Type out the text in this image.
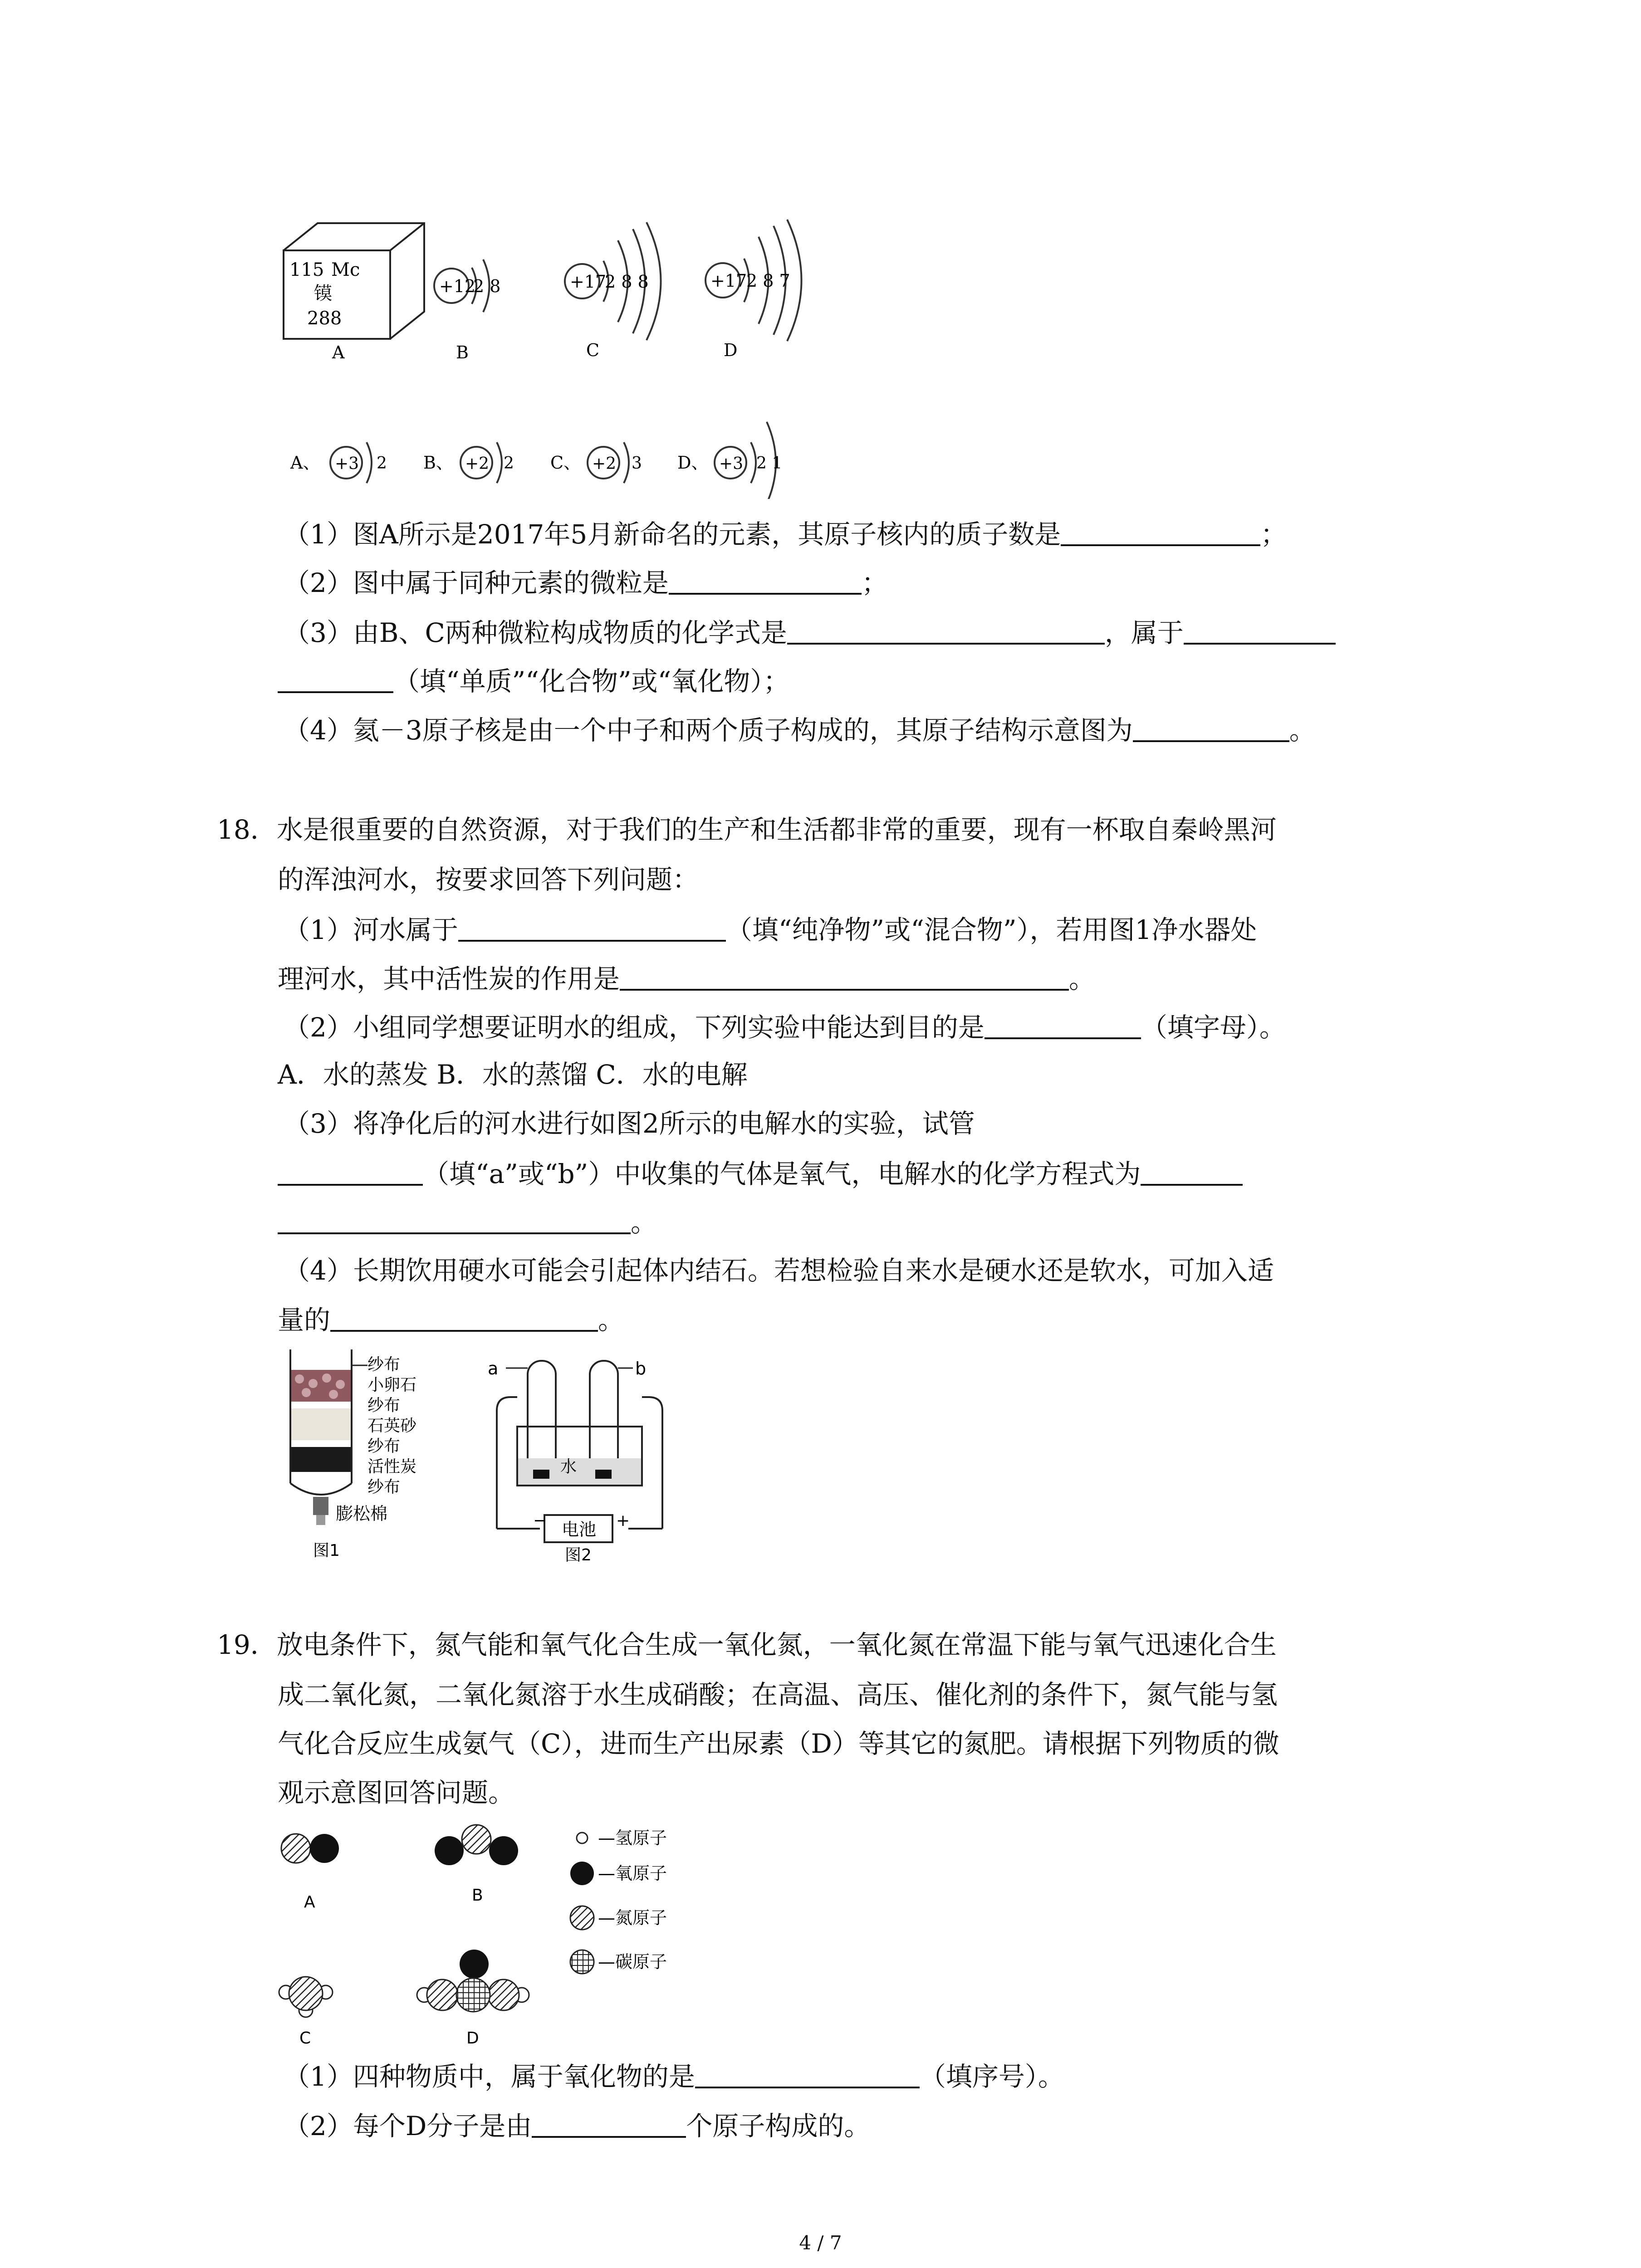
115 Mc
镆
288
A
+12
2 8
B
+17
2 8 8
C
+17
2 8 7
D
A、 +3 2 B、 +2 2 C、 +2 3 D、 +3 2 1
（1）图A所示是2017年5月新命名的元素，其原子核内的质子数是	；
（2）图中属于同种元素的微粒是	；
（3）由B、C两种微粒构成物质的化学式是	，属于
（填“单质”“化合物”或“氧化物）；
（4）氦－3原子核是由一个中子和两个质子构成的，其原子结构示意图为	。
18．水是很重要的自然资源，对于我们的生产和生活都非常的重要，现有一杯取自秦岭黑河
的浑浊河水，按要求回答下列问题：
（1）河水属于	（填“纯净物”或“混合物”），若用图1净水器处
理河水，其中活性炭的作用是	。
（2）小组同学想要证明水的组成，下列实验中能达到目的是	（填字母）。
A．水的蒸发 B．水的蒸馏 C．水的电解
（3）将净化后的河水进行如图2所示的电解水的实验，试管
（填“a”或“b”）中收集的气体是氧气，电解水的化学方程式为
。
（4）长期饮用硬水可能会引起体内结石。若想检验自来水是硬水还是软水，可加入适
量的	。
纱布
小卵石
纱布
石英砂
纱布
活性炭
纱布
膨松棉
图1
a	b
水
−	+
电池
图2
19．放电条件下，氮气能和氧气化合生成一氧化氮，一氧化氮在常温下能与氧气迅速化合生
成二氧化氮，二氧化氮溶于水生成硝酸；在高温、高压、催化剂的条件下，氮气能与氢
气化合反应生成氨气（C），进而生产出尿素（D）等其它的氮肥。请根据下列物质的微
观示意图回答问题。
A	B
C	D
—氢原子
—氧原子
—氮原子
—碳原子
（1）四种物质中，属于氧化物的是	（填序号）。
（2）每个D分子是由	个原子构成的。
4 / 7
